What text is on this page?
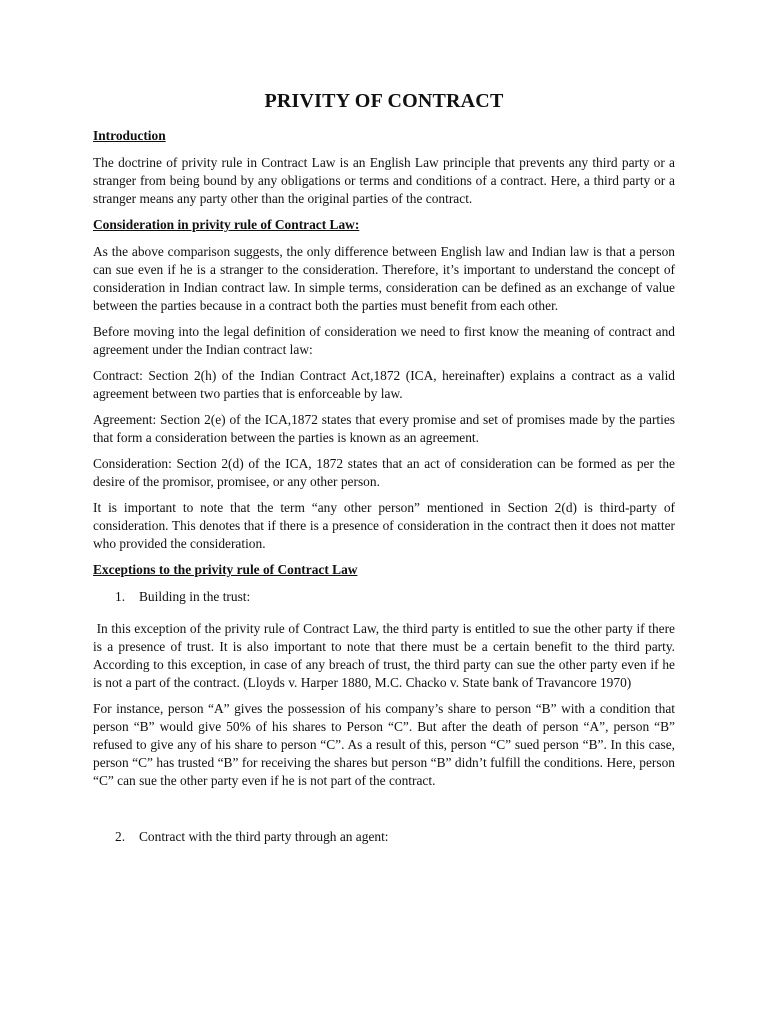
PRIVITY OF CONTRACT
Introduction

The doctrine of privity rule in Contract Law is an English Law principle that prevents any third party or a stranger from being bound by any obligations or terms and conditions of a contract. Here, a third party or a stranger means any party other than the original parties of the contract.

Consideration in privity rule of Contract Law:

As the above comparison suggests, the only difference between English law and Indian law is that a person can sue even if he is a stranger to the consideration. Therefore, it’s important to understand the concept of consideration in Indian contract law. In simple terms, consideration can be defined as an exchange of value between the parties because in a contract both the parties must benefit from each other.

Before moving into the legal definition of consideration we need to first know the meaning of contract and agreement under the Indian contract law:

Contract: Section 2(h) of the Indian Contract Act,1872 (ICA, hereinafter) explains a contract as a valid agreement between two parties that is enforceable by law.

Agreement: Section 2(e) of the ICA,1872 states that every promise and set of promises made by the parties that form a consideration between the parties is known as an agreement.

Consideration: Section 2(d) of the ICA, 1872 states that an act of consideration can be formed as per the desire of the promisor, promisee, or any other person.

It is important to note that the term “any other person” mentioned in Section 2(d) is third-party of consideration. This denotes that if there is a presence of consideration in the contract then it does not matter who provided the consideration.

Exceptions to the privity rule of Contract Law
1.	Building in the trust:

In this exception of the privity rule of Contract Law, the third party is entitled to sue the other party if there is a presence of trust. It is also important to note that there must be a certain benefit to the third party. According to this exception, in case of any breach of trust, the third party can sue the other party even if he is not a part of the contract. (Lloyds v. Harper 1880, M.C. Chacko v. State bank of Travancore 1970)

For instance, person “A” gives the possession of his company’s share to person “B” with a condition that person “B” would give 50% of his shares to Person “C”. But after the death of person “A”, person “B” refused to give any of his share to person “C”. As a result of this, person “C” sued person “B”. In this case, person “C” has trusted “B” for receiving the shares but person “B” didn’t fulfill the conditions. Here, person “C” can sue the other party even if he is not part of the contract.

2.	Contract with the third party through an agent:
